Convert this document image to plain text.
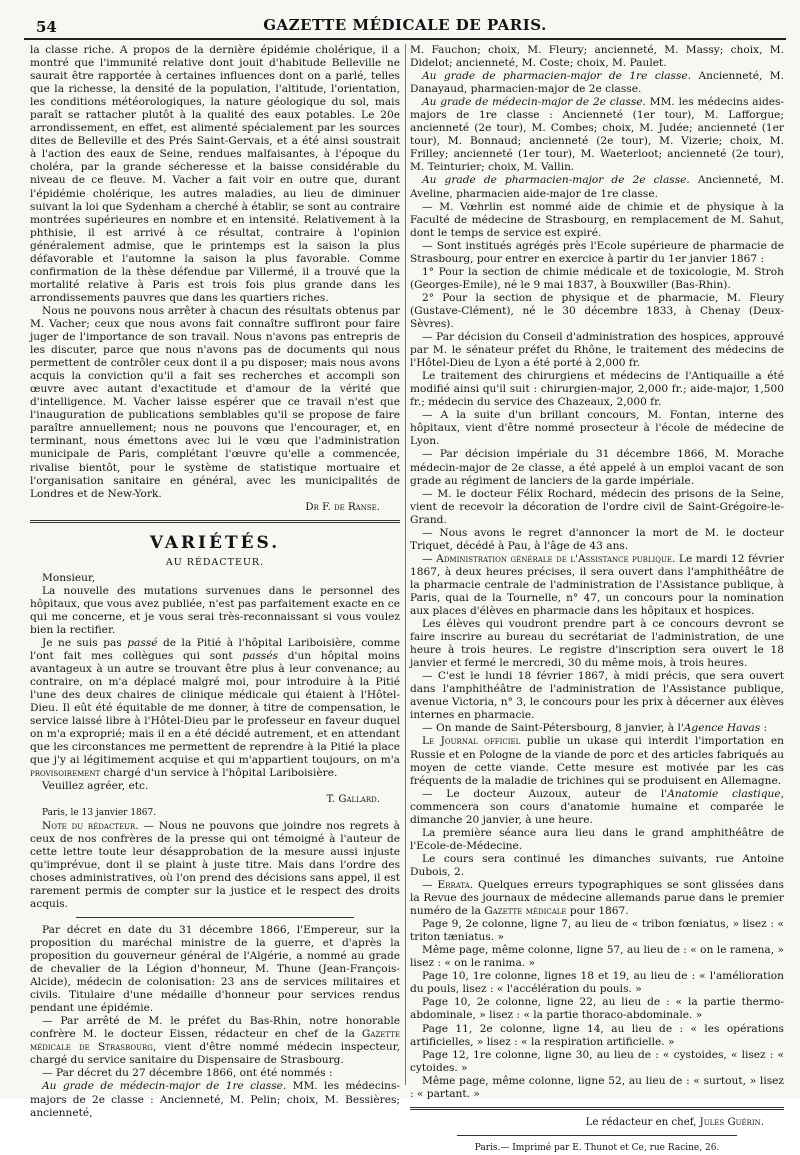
54	GAZETTE MÉDICALE DE PARIS.

la classe riche. A propos de la dernière épidémie cholérique, il a montré que l'immunité relative dont jouit d'habitude Belleville ne saurait être rapportée à certaines influences dont on a parlé, telles que la richesse, la densité de la population, l'altitude, l'orientation, les conditions météorologiques, la nature géologique du sol, mais paraît se rattacher plutôt à la qualité des eaux potables. Le 20e arrondissement, en effet, est alimenté spécialement par les sources dites de Belleville et des Prés Saint-Gervais, et a été ainsi soustrait à l'action des eaux de Seine, rendues malfaisantes, à l'époque du choléra, par la grande sécheresse et la baisse considérable du niveau de ce fleuve. M. Vacher a fait voir en outre que, durant l'épidémie cholérique, les autres maladies, au lieu de diminuer suivant la loi que Sydenham a cherché à établir, se sont au contraire montrées supérieures en nombre et en intensité. Relativement à la phthisie, il est arrivé à ce résultat, contraire à l'opinion généralement admise, que le printemps est la saison la plus défavorable et l'automne la saison la plus favorable. Comme confirmation de la thèse défendue par Villermé, il a trouvé que la mortalité relative à Paris est trois fois plus grande dans les arrondissements pauvres que dans les quartiers riches.

Nous ne pouvons nous arrêter à chacun des résultats obtenus par M. Vacher; ceux que nous avons fait connaître suffiront pour faire juger de l'importance de son travail. Nous n'avons pas entrepris de les discuter, parce que nous n'avons pas de documents qui nous permettent de contrôler ceux dont il a pu disposer; mais nous avons acquis la conviction qu'il a fait ses recherches et accompli son œuvre avec autant d'exactitude et d'amour de la vérité que d'intelligence. M. Vacher laisse espérer que ce travail n'est que l'inauguration de publications semblables qu'il se propose de faire paraître annuellement; nous ne pouvons que l'encourager, et, en terminant, nous émettons avec lui le vœu que l'administration municipale de Paris, complétant l'œuvre qu'elle a commencée, rivalise bientôt, pour le système de statistique mortuaire et l'organisation sanitaire en général, avec les municipalités de Londres et de New-York.

Dr F. de Ranse.

VARIÉTÉS.
AU RÉDACTEUR.

Monsieur,

La nouvelle des mutations survenues dans le personnel des hôpitaux, que vous avez publiée, n'est pas parfaitement exacte en ce qui me concerne, et je vous serai très-reconnaissant si vous voulez bien la rectifier.

Je ne suis pas passé de la Pitié à l'hôpital Lariboisière, comme l'ont fait mes collègues qui sont passés d'un hôpital moins avantageux à un autre se trouvant être plus à leur convenance; au contraire, on m'a déplacé malgré moi, pour introduire à la Pitié l'une des deux chaires de clinique médicale qui étaient à l'Hôtel-Dieu. Il eût été équitable de me donner, à titre de compensation, le service laissé libre à l'Hôtel-Dieu par le professeur en faveur duquel on m'a exproprié; mais il en a été décidé autrement, et en attendant que les circonstances me permettent de reprendre à la Pitié la place que j'y ai légitimement acquise et qui m'appartient toujours, on m'a provisoirement chargé d'un service à l'hôpital Lariboisière.

Veuillez agréer, etc.

T. Gallard.

Paris, le 13 janvier 1867.

Note du rédacteur. — Nous ne pouvons que joindre nos regrets à ceux de nos confrères de la presse qui ont témoigné à l'auteur de cette lettre toute leur désapprobation de la mesure aussi injuste qu'imprévue, dont il se plaint à juste titre. Mais dans l'ordre des choses administratives, où l'on prend des décisions sans appel, il est rarement permis de compter sur la justice et le respect des droits acquis.

Par décret en date du 31 décembre 1866, l'Empereur, sur la proposition du maréchal ministre de la guerre, et d'après la proposition du gouverneur général de l'Algérie, a nommé au grade de chevalier de la Légion d'honneur, M. Thune (Jean-François-Alcide), médecin de colonisation: 23 ans de services militaires et civils. Titulaire d'une médaille d'honneur pour services rendus pendant une épidémie.

— Par arrêté de M. le préfet du Bas-Rhin, notre honorable confrère M. le docteur Eissen, rédacteur en chef de la Gazette médicale de Strasbourg, vient d'être nommé médecin inspecteur, chargé du service sanitaire du Dispensaire de Strasbourg.

— Par décret du 27 décembre 1866, ont été nommés :

Au grade de médecin-major de 1re classe. MM. les médecins-majors de 2e classe : Ancienneté, M. Pelin; choix, M. Bessières; ancienneté,

M. Fauchon; choix, M. Fleury; ancienneté, M. Massy; choix, M. Didelot; ancienneté, M. Coste; choix, M. Paulet.

Au grade de pharmacien-major de 1re classe. Ancienneté, M. Danayaud, pharmacien-major de 2e classe.

Au grade de médecin-major de 2e classe. MM. les médecins aides-majors de 1re classe : Ancienneté (1er tour), M. Lafforgue; ancienneté (2e tour), M. Combes; choix, M. Judée; ancienneté (1er tour), M. Bonnaud; ancienneté (2e tour), M. Vizerie; choix, M. Frilley; ancienneté (1er tour), M. Waeterloot; ancienneté (2e tour), M. Teinturier; choix, M. Vallin.

Au grade de pharmacien-major de 2e classe. Ancienneté, M. Aveline, pharmacien aide-major de 1re classe.

— M. Vœhrlin est nommé aide de chimie et de physique à la Faculté de médecine de Strasbourg, en remplacement de M. Sahut, dont le temps de service est expiré.

— Sont institués agrégés près l'Ecole supérieure de pharmacie de Strasbourg, pour entrer en exercice à partir du 1er janvier 1867 :

1° Pour la section de chimie médicale et de toxicologie, M. Stroh (Georges-Emile), né le 9 mai 1837, à Bouxwiller (Bas-Rhin).

2° Pour la section de physique et de pharmacie, M. Fleury (Gustave-Clément), né le 30 décembre 1833, à Chenay (Deux-Sèvres).

— Par décision du Conseil d'administration des hospices, approuvé par M. le sénateur préfet du Rhône, le traitement des médecins de l'Hôtel-Dieu de Lyon a été porté à 2,000 fr.

Le traitement des chirurgiens et médecins de l'Antiquaille a été modifié ainsi qu'il suit : chirurgien-major, 2,000 fr.; aide-major, 1,500 fr.; médecin du service des Chazeaux, 2,000 fr.

— A la suite d'un brillant concours, M. Fontan, interne des hôpitaux, vient d'être nommé prosecteur à l'école de médecine de Lyon.

— Par décision impériale du 31 décembre 1866, M. Morache médecin-major de 2e classe, a été appelé à un emploi vacant de son grade au régiment de lanciers de la garde impériale.

— M. le docteur Félix Rochard, médecin des prisons de la Seine, vient de recevoir la décoration de l'ordre civil de Saint-Grégoire-le-Grand.

— Nous avons le regret d'annoncer la mort de M. le docteur Triquet, décédé à Pau, à l'âge de 43 ans.

— Administration générale de l'Assistance publique. Le mardi 12 février 1867, à deux heures précises, il sera ouvert dans l'amphithéâtre de la pharmacie centrale de l'administration de l'Assistance publique, à Paris, quai de la Tournelle, n° 47, un concours pour la nomination aux places d'élèves en pharmacie dans les hôpitaux et hospices.

Les élèves qui voudront prendre part à ce concours devront se faire inscrire au bureau du secrétariat de l'administration, de une heure à trois heures. Le registre d'inscription sera ouvert le 18 janvier et fermé le mercredi, 30 du même mois, à trois heures.

— C'est le lundi 18 février 1867, à midi précis, que sera ouvert dans l'amphithéâtre de l'administration de l'Assistance publique, avenue Victoria, n° 3, le concours pour les prix à décerner aux élèves internes en pharmacie.

— On mande de Saint-Pétersbourg, 8 janvier, à l'Agence Havas :

Le Journal officiel publie un ukase qui interdit l'importation en Russie et en Pologne de la viande de porc et des articles fabriqués au moyen de cette viande. Cette mesure est motivée par les cas fréquents de la maladie de trichines qui se produisent en Allemagne.

— Le docteur Auzoux, auteur de l'Anatomie clastique, commencera son cours d'anatomie humaine et comparée le dimanche 20 janvier, à une heure.

La première séance aura lieu dans le grand amphithéâtre de l'Ecole-de-Médecine.

Le cours sera continué les dimanches suivants, rue Antoine Dubois, 2.

— Errata. Quelques erreurs typographiques se sont glissées dans la Revue des journaux de médecine allemands parue dans le premier numéro de la Gazette médicale pour 1867.

Page 9, 2e colonne, ligne 7, au lieu de « tribon fœniatus, » lisez : « triton tæniatus. »

Même page, même colonne, ligne 57, au lieu de : « on le ramena, » lisez : « on le ranima. »

Page 10, 1re colonne, lignes 18 et 19, au lieu de : « l'amélioration du pouls, lisez : « l'accélération du pouls. »

Page 10, 2e colonne, ligne 22, au lieu de : « la partie thermo-abdominale, » lisez : « la partie thoraco-abdominale. »

Page 11, 2e colonne, ligne 14, au lieu de : « les opérations artificielles, » lisez : « la respiration artificielle. »

Page 12, 1re colonne, ligne 30, au lieu de : « cystoides, « lisez : « cytoides. »

Même page, même colonne, ligne 52, au lieu de : « surtout, » lisez : « partant. »

Le rédacteur en chef, Jules Guérin.

Paris.— Imprimé par E. Thunot et Ce, rue Racine, 26.
